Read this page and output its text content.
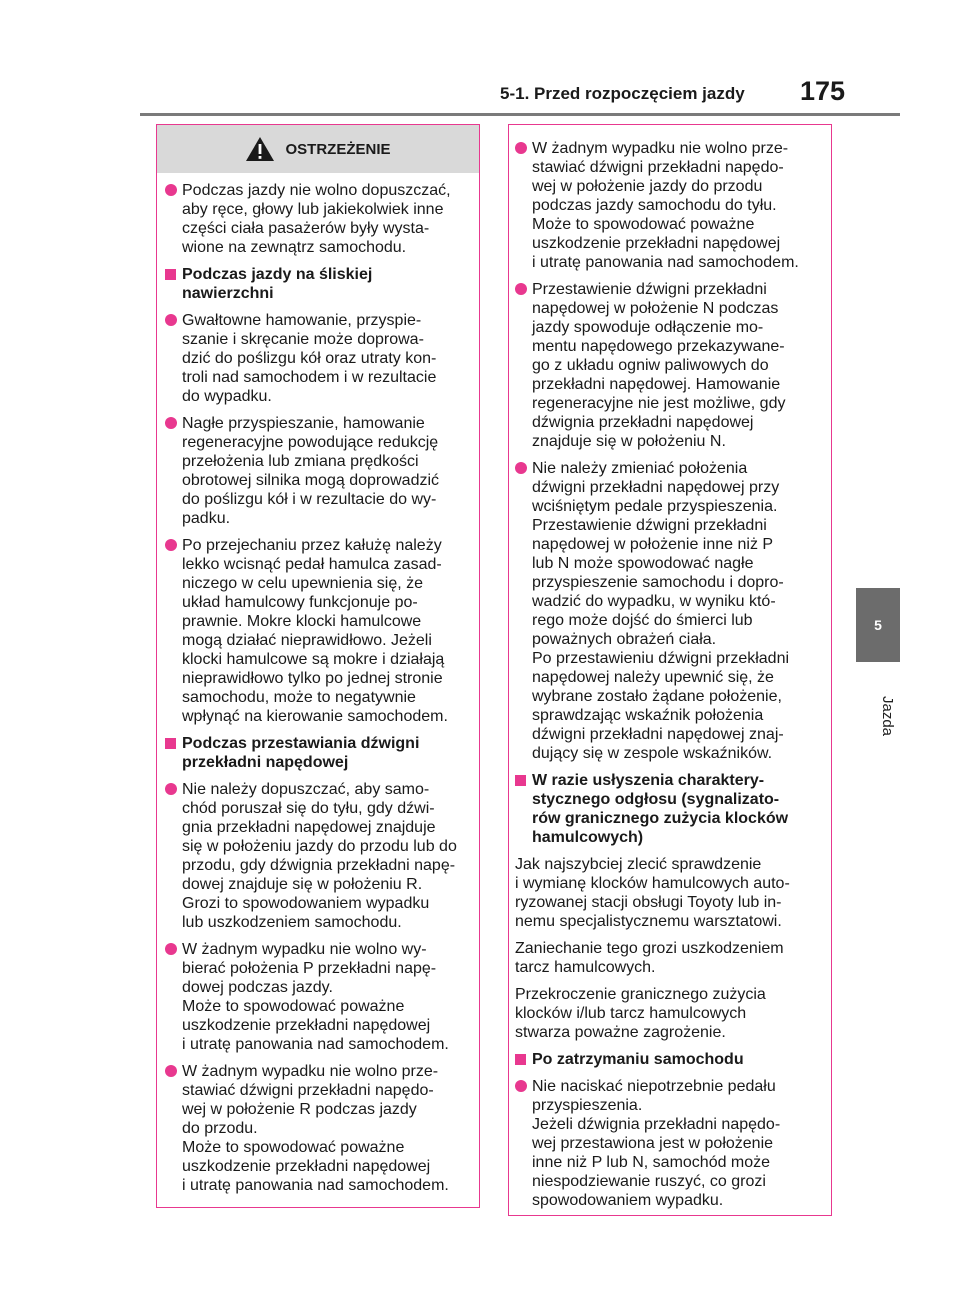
5-1. Przed rozpoczęciem jazdy 175
5
Jazda
OSTRZEŻENIE
Podczas jazdy nie wolno dopuszczać,
aby ręce, głowy lub jakiekolwiek inne
części ciała pasażerów były wysta-
wione na zewnątrz samochodu.
Podczas jazdy na śliskiej
nawierzchni
Gwałtowne hamowanie, przyspie-
szanie i skręcanie może doprowa-
dzić do poślizgu kół oraz utraty kon-
troli nad samochodem i w rezultacie
do wypadku.
Nagłe przyspieszanie, hamowanie
regeneracyjne powodujące redukcję
przełożenia lub zmiana prędkości
obrotowej silnika mogą doprowadzić
do poślizgu kół i w rezultacie do wy-
padku.
Po przejechaniu przez kałużę należy
lekko wcisnąć pedał hamulca zasad-
niczego w celu upewnienia się, że
układ hamulcowy funkcjonuje po-
prawnie. Mokre klocki hamulcowe
mogą działać nieprawidłowo. Jeżeli
klocki hamulcowe są mokre i działają
nieprawidłowo tylko po jednej stronie
samochodu, może to negatywnie
wpłynąć na kierowanie samochodem.
Podczas przestawiania dźwigni
przekładni napędowej
Nie należy dopuszczać, aby samo-
chód poruszał się do tyłu, gdy dźwi-
gnia przekładni napędowej znajduje
się w położeniu jazdy do przodu lub do
przodu, gdy dźwignia przekładni napę-
dowej znajduje się w położeniu R.
Grozi to spowodowaniem wypadku
lub uszkodzeniem samochodu.
W żadnym wypadku nie wolno wy-
bierać położenia P przekładni napę-
dowej podczas jazdy.
Może to spowodować poważne
uszkodzenie przekładni napędowej
i utratę panowania nad samochodem.
W żadnym wypadku nie wolno prze-
stawiać dźwigni przekładni napędo-
wej w położenie R podczas jazdy
do przodu.
Może to spowodować poważne
uszkodzenie przekładni napędowej
i utratę panowania nad samochodem.
W żadnym wypadku nie wolno prze-
stawiać dźwigni przekładni napędo-
wej w położenie jazdy do przodu
podczas jazdy samochodu do tyłu.
Może to spowodować poważne
uszkodzenie przekładni napędowej
i utratę panowania nad samochodem.
Przestawienie dźwigni przekładni
napędowej w położenie N podczas
jazdy spowoduje odłączenie mo-
mentu napędowego przekazywane-
go z układu ogniw paliwowych do
przekładni napędowej. Hamowanie
regeneracyjne nie jest możliwe, gdy
dźwignia przekładni napędowej
znajduje się w położeniu N.
Nie należy zmieniać położenia
dźwigni przekładni napędowej przy
wciśniętym pedale przyspieszenia.
Przestawienie dźwigni przekładni
napędowej w położenie inne niż P
lub N może spowodować nagłe
przyspieszenie samochodu i dopro-
wadzić do wypadku, w wyniku któ-
rego może dojść do śmierci lub
poważnych obrażeń ciała.
Po przestawieniu dźwigni przekładni
napędowej należy upewnić się, że
wybrane zostało żądane położenie,
sprawdzając wskaźnik położenia
dźwigni przekładni napędowej znaj-
dujący się w zespole wskaźników.
W razie usłyszenia charaktery-
stycznego odgłosu (sygnalizato-
rów granicznego zużycia klocków
hamulcowych)
Jak najszybciej zlecić sprawdzenie
i wymianę klocków hamulcowych auto-
ryzowanej stacji obsługi Toyoty lub in-
nemu specjalistycznemu warsztatowi.
Zaniechanie tego grozi uszkodzeniem
tarcz hamulcowych.
Przekroczenie granicznego zużycia
klocków i/lub tarcz hamulcowych
stwarza poważne zagrożenie.
Po zatrzymaniu samochodu
Nie naciskać niepotrzebnie pedału
przyspieszenia.
Jeżeli dźwignia przekładni napędo-
wej przestawiona jest w położenie
inne niż P lub N, samochód może
niespodziewanie ruszyć, co grozi
spowodowaniem wypadku.
